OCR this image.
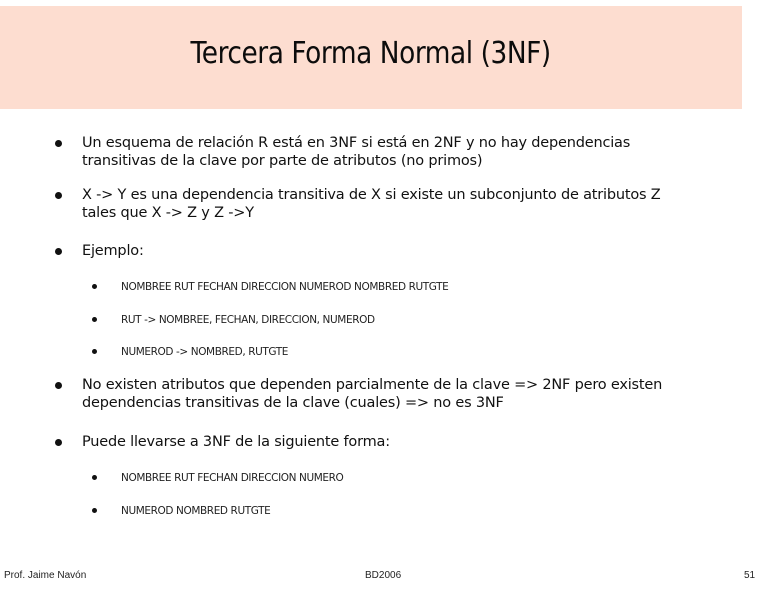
Tercera Forma Normal (3NF)
Un esquema de relación R está en 3NF si está en 2NF y no hay dependencias
transitivas de la clave por parte de atributos (no primos)
X -> Y es una dependencia transitiva de X si existe un subconjunto de atributos Z
tales que X -> Z y Z ->Y
Ejemplo:
NOMBREE RUT FECHAN DIRECCION NUMEROD NOMBRED RUTGTE
RUT -> NOMBREE, FECHAN, DIRECCION, NUMEROD
NUMEROD -> NOMBRED, RUTGTE
No existen atributos que dependen parcialmente de la clave => 2NF pero existen
dependencias transitivas de la clave (cuales) => no es 3NF
Puede llevarse a 3NF de la siguiente forma:
NOMBREE RUT FECHAN DIRECCION NUMERO
NUMEROD NOMBRED RUTGTE
Prof. Jaime Navón	BD2006	51
